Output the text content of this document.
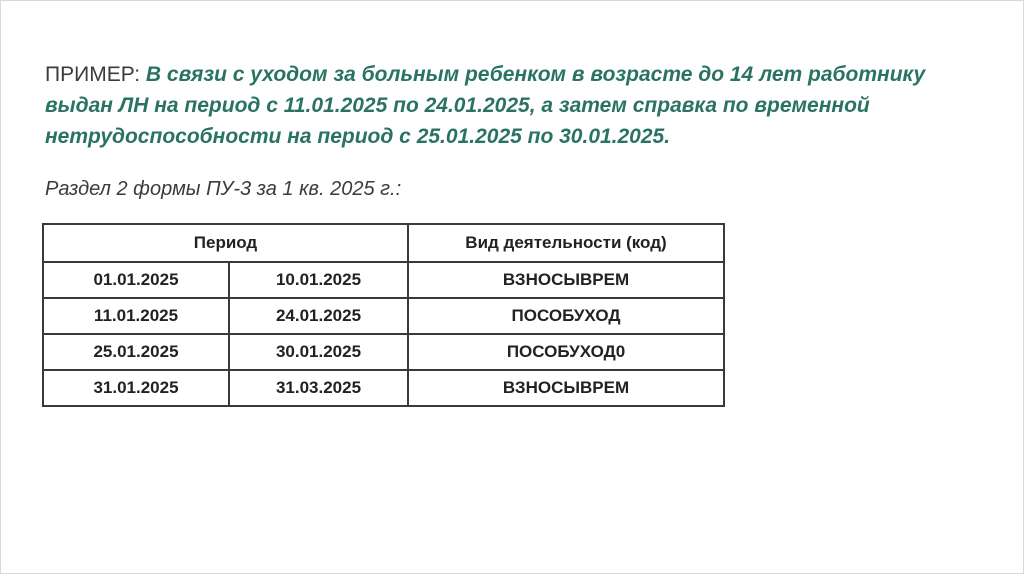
ПРИМЕР: В связи с уходом за больным ребенком в возрасте до 14 лет работнику выдан ЛН на период с 11.01.2025 по 24.01.2025, а затем справка по временной нетрудоспособности на период с 25.01.2025 по 30.01.2025.

Раздел 2 формы ПУ-3 за 1 кв. 2025 г.:

Период		Вид деятельности (код)
01.01.2025	10.01.2025	ВЗНОСЫВРЕМ
11.01.2025	24.01.2025	ПОСОБУХОД
25.01.2025	30.01.2025	ПОСОБУХОД0
31.01.2025	31.03.2025	ВЗНОСЫВРЕМ
